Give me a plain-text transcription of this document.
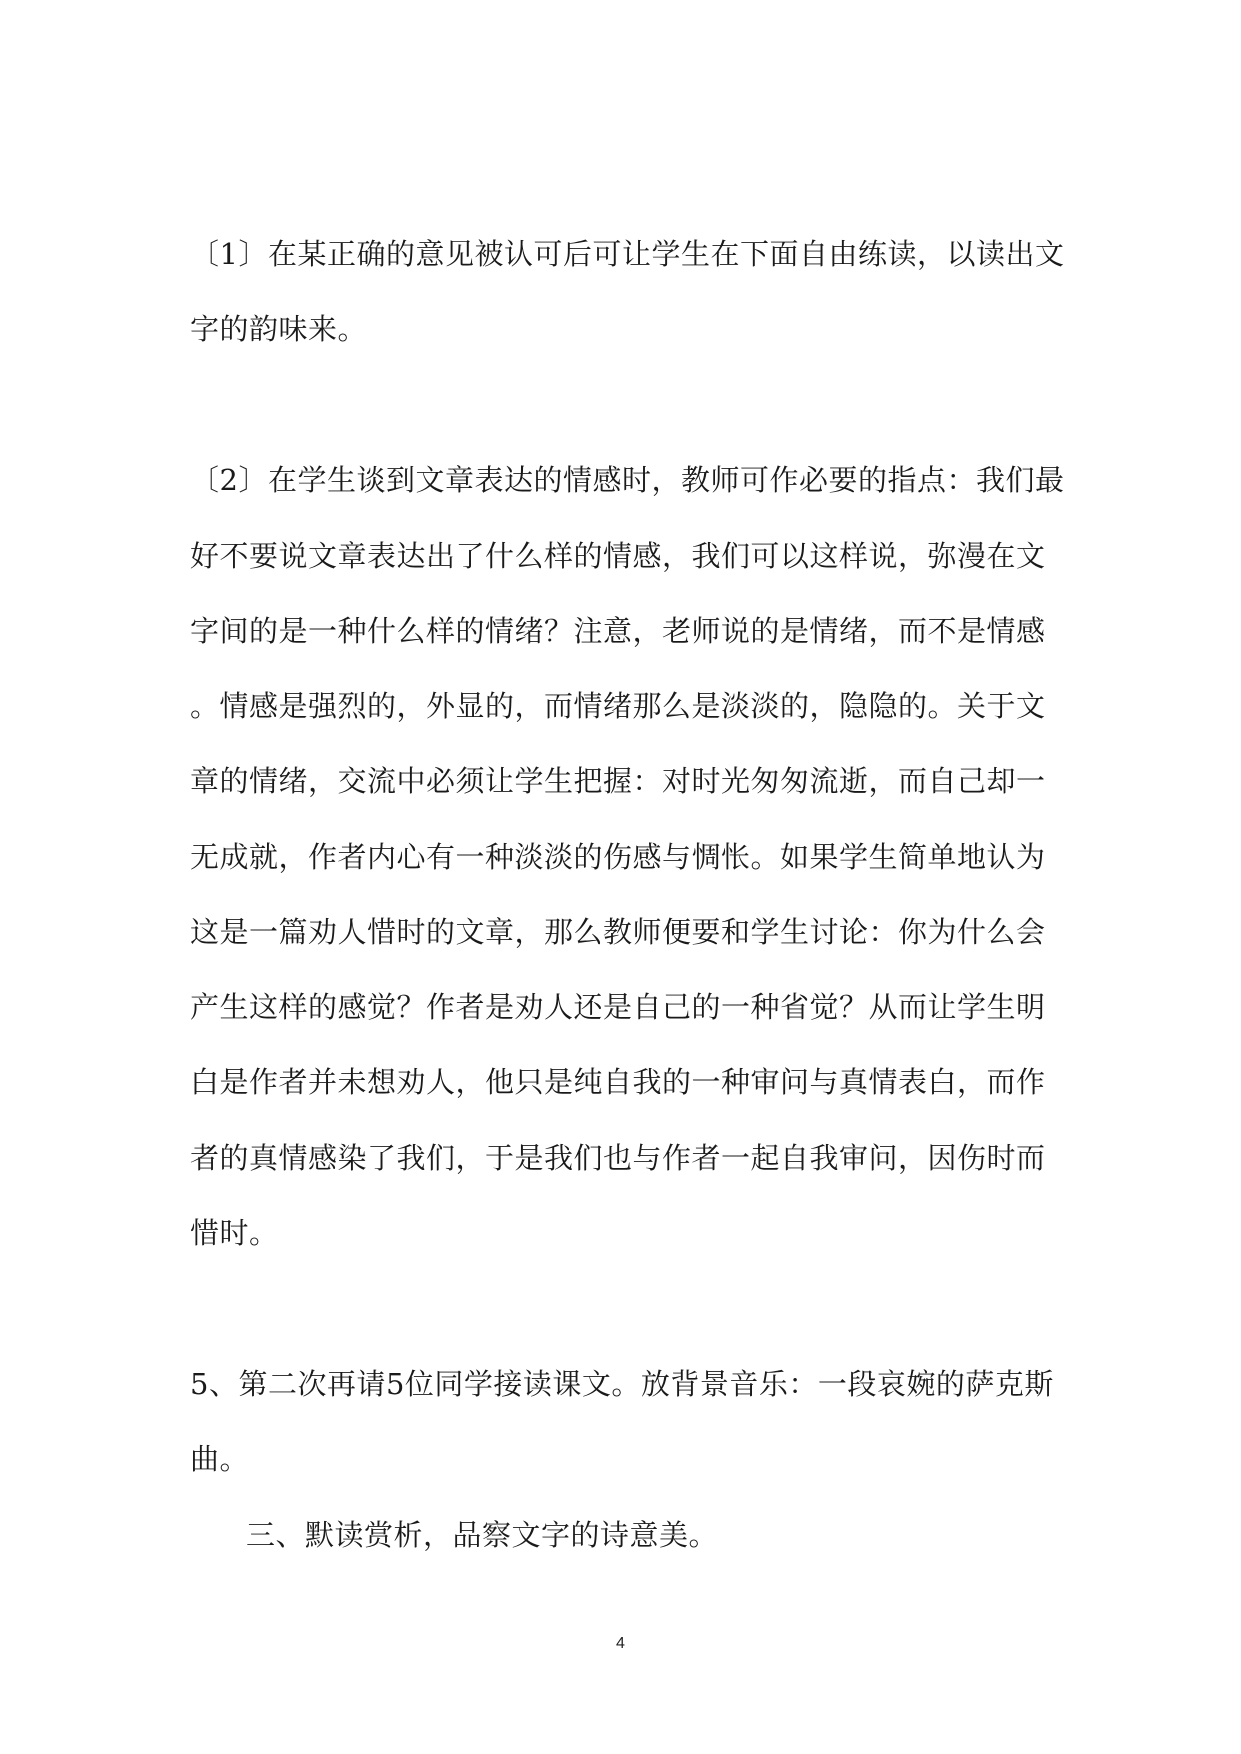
〔1〕在某正确的意见被认可后可让学生在下面自由练读，以读出文
字的韵味来。
〔2〕在学生谈到文章表达的情感时，教师可作必要的指点：我们最
好不要说文章表达出了什么样的情感，我们可以这样说，弥漫在文
字间的是一种什么样的情绪？注意，老师说的是情绪，而不是情感
。情感是强烈的，外显的，而情绪那么是淡淡的，隐隐的。关于文
章的情绪，交流中必须让学生把握：对时光匆匆流逝，而自己却一
无成就，作者内心有一种淡淡的伤感与惆怅。如果学生简单地认为
这是一篇劝人惜时的文章，那么教师便要和学生讨论：你为什么会
产生这样的感觉？作者是劝人还是自己的一种省觉？从而让学生明
白是作者并未想劝人，他只是纯自我的一种审问与真情表白，而作
者的真情感染了我们，于是我们也与作者一起自我审问，因伤时而
惜时。
5、第二次再请5位同学接读课文。放背景音乐：一段哀婉的萨克斯
曲。
三、默读赏析，品察文字的诗意美。
4
